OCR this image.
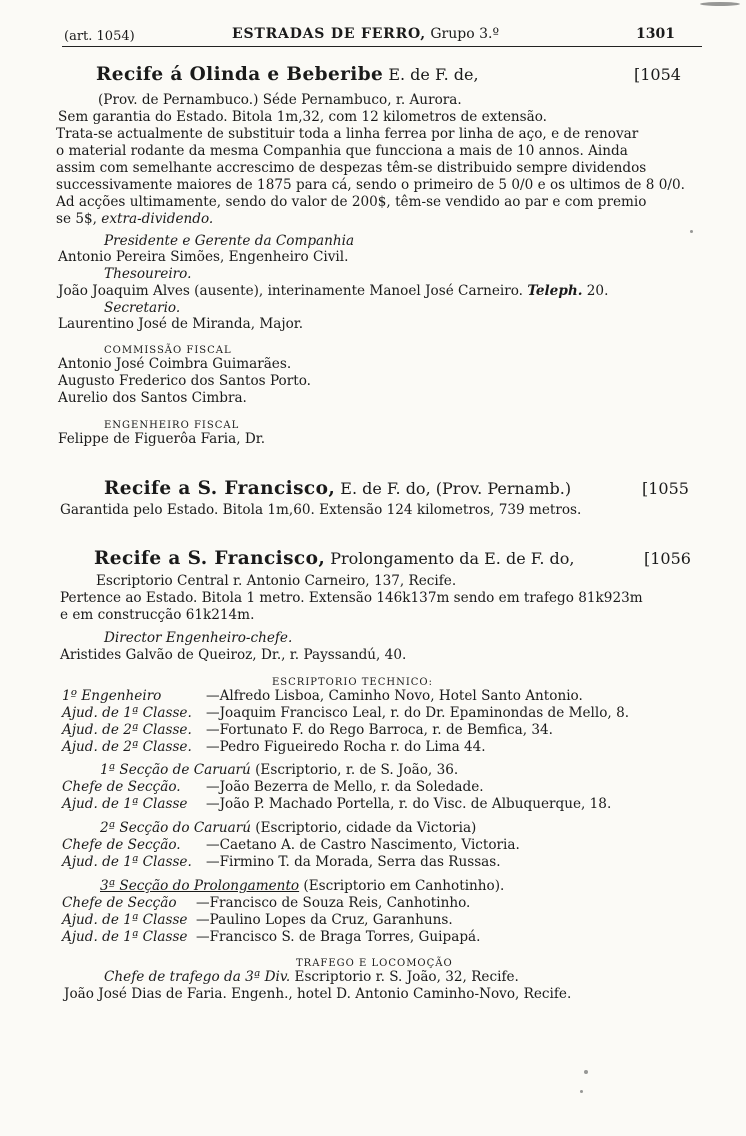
(art. 1054)	ESTRADAS DE FERRO, Grupo 3.º	1301
Recife á Olinda e Beberibe E. de F. de,	[1054
(Prov. de Pernambuco.) Séde Pernambuco, r. Aurora.
Sem garantia do Estado. Bitola 1m,32, com 12 kilometros de extensão.
Trata-se actualmente de substituir toda a linha ferrea por linha de aço, e de renovar
o material rodante da mesma Companhia que funcciona a mais de 10 annos. Ainda
assim com semelhante accrescimo de despezas têm-se distribuido sempre dividendos
successivamente maiores de 1875 para cá, sendo o primeiro de 5 0/0 e os ultimos de 8 0/0.
Ad acções ultimamente, sendo do valor de 200$, têm-se vendido ao par e com premio
se 5$, extra-dividendo.
Presidente e Gerente da Companhia
Antonio Pereira Simões, Engenheiro Civil.
Thesoureiro.
João Joaquim Alves (ausente), interinamente Manoel José Carneiro. Teleph. 20.
Secretario.
Laurentino José de Miranda, Major.
COMMISSÃO FISCAL
Antonio José Coimbra Guimarães.
Augusto Frederico dos Santos Porto.
Aurelio dos Santos Cimbra.
ENGENHEIRO FISCAL
Felippe de Figuerôa Faria, Dr.
Recife a S. Francisco, E. de F. do, (Prov. Pernamb.)	[1055
Garantida pelo Estado. Bitola 1m,60. Extensão 124 kilometros, 739 metros.
Recife a S. Francisco, Prolongamento da E. de F. do,	[1056
Escriptorio Central r. Antonio Carneiro, 137, Recife.
Pertence ao Estado. Bitola 1 metro. Extensão 146k137m sendo em trafego 81k923m
e em construcção 61k214m.
Director Engenheiro-chefe.
Aristides Galvão de Queiroz, Dr., r. Payssandú, 40.
ESCRIPTORIO TECHNICO:
1º Engenheiro	—Alfredo Lisboa, Caminho Novo, Hotel Santo Antonio.
Ajud. de 1ª Classe. —Joaquim Francisco Leal, r. do Dr. Epaminondas de Mello, 8.
Ajud. de 2ª Classe. —Fortunato F. do Rego Barroca, r. de Bemfica, 34.
Ajud. de 2ª Classe. —Pedro Figueiredo Rocha r. do Lima 44.
1ª Secção de Caruarú (Escriptorio, r. de S. João, 36.
Chefe de Secção. —João Bezerra de Mello, r. da Soledade.
Ajud. de 1ª Classe —João P. Machado Portella, r. do Visc. de Albuquerque, 18.
2ª Secção do Caruarú (Escriptorio, cidade da Victoria)
Chefe de Secção. —Caetano A. de Castro Nascimento, Victoria.
Ajud. de 1ª Classe. —Firmino T. da Morada, Serra das Russas.
3ª Secção do Prolongamento (Escriptorio em Canhotinho).
Chefe de Secção —Francisco de Souza Reis, Canhotinho.
Ajud. de 1ª Classe —Paulino Lopes da Cruz, Garanhuns.
Ajud. de 1ª Classe —Francisco S. de Braga Torres, Guipapá.
TRAFEGO E LOCOMOÇÃO
Chefe de trafego da 3ª Div. Escriptorio r. S. João, 32, Recife.
João José Dias de Faria. Engenh., hotel D. Antonio Caminho-Novo, Recife.
